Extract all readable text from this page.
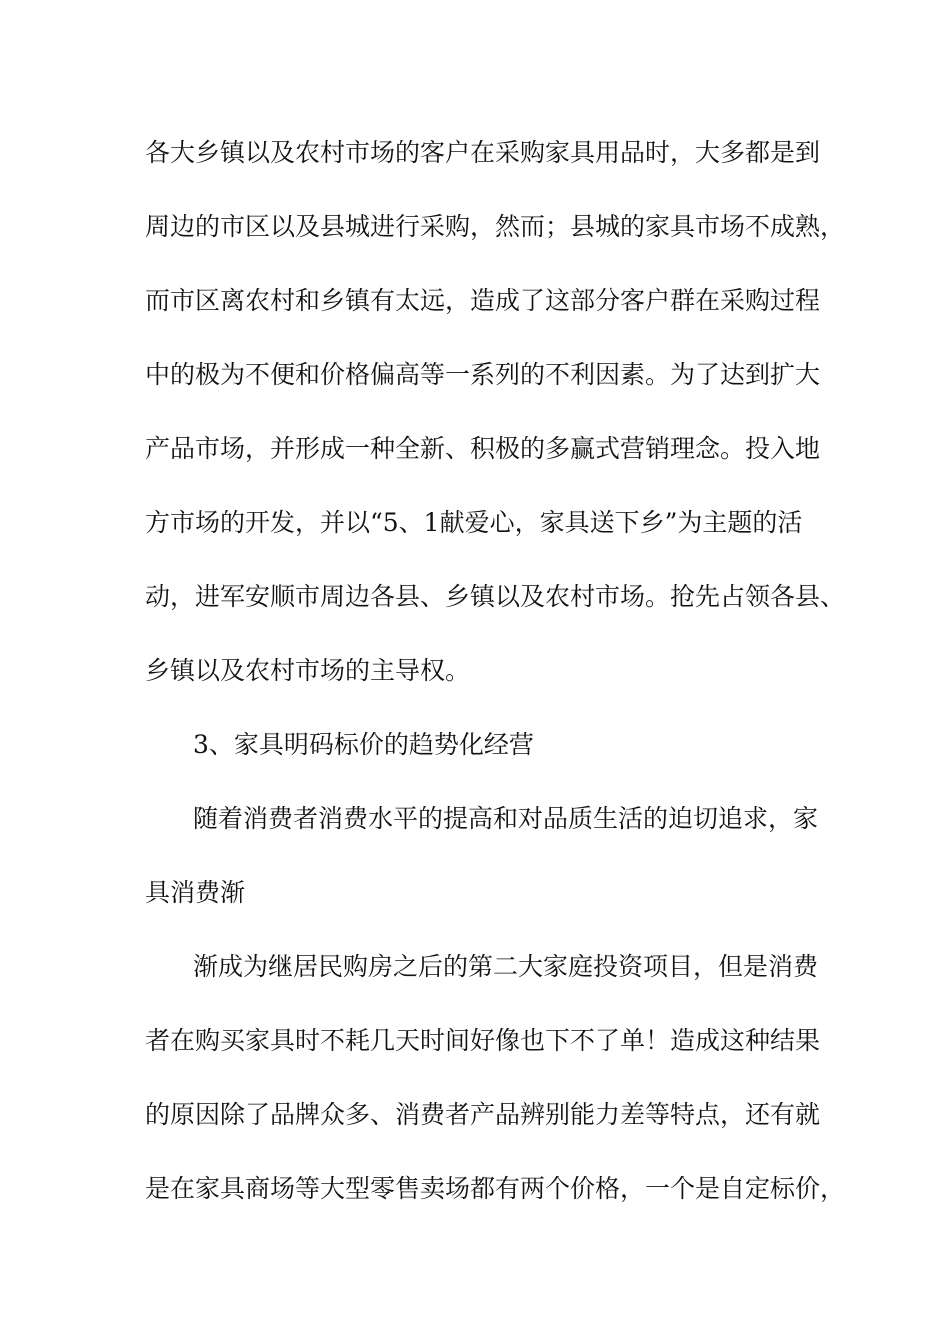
各大乡镇以及农村市场的客户在采购家具用品时，大多都是到
周边的市区以及县城进行采购，然而；县城的家具市场不成熟，
而市区离农村和乡镇有太远，造成了这部分客户群在采购过程
中的极为不便和价格偏高等一系列的不利因素。为了达到扩大
产品市场，并形成一种全新、积极的多赢式营销理念。投入地
方市场的开发，并以“5、1献爱心，家具送下乡”为主题的活
动，进军安顺市周边各县、乡镇以及农村市场。抢先占领各县、
乡镇以及农村市场的主导权。
3、家具明码标价的趋势化经营
随着消费者消费水平的提高和对品质生活的迫切追求，家
具消费渐
渐成为继居民购房之后的第二大家庭投资项目，但是消费
者在购买家具时不耗几天时间好像也下不了单！造成这种结果
的原因除了品牌众多、消费者产品辨别能力差等特点，还有就
是在家具商场等大型零售卖场都有两个价格，一个是自定标价，
